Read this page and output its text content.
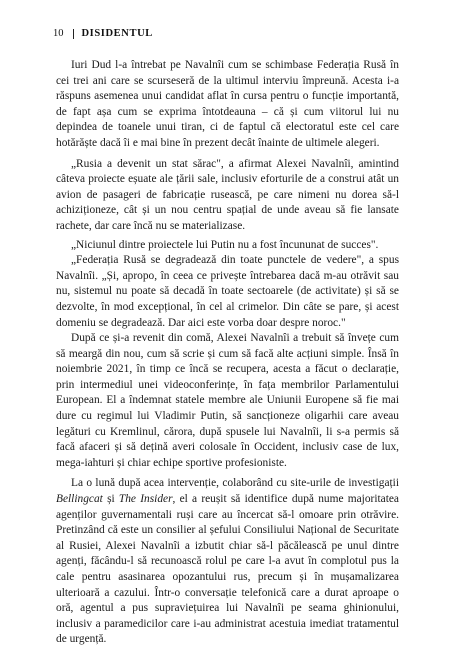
10 DISIDENTUL

Iuri Dud l-a întrebat pe Navalnîi cum se schimbase Federația Rusă în cei trei ani care se scurseseră de la ultimul interviu împreună. Acesta i-a răspuns asemenea unui candidat aflat în cursa pentru o funcție importantă, de fapt așa cum se exprima întotdeauna – că și cum viitorul lui nu depindea de toanele unui tiran, ci de faptul că electoratul este cel care hotărăște dacă îi e mai bine în prezent decât înainte de ultimele alegeri.

„Rusia a devenit un stat sărac", a afirmat Alexei Navalnîi, amintind câteva proiecte eșuate ale țării sale, inclusiv eforturile de a construi atât un avion de pasageri de fabricație rusească, pe care nimeni nu dorea să-l achiziționeze, cât și un nou centru spațial de unde aveau să fie lansate rachete, dar care încă nu se materializase.

„Niciunul dintre proiectele lui Putin nu a fost încununat de succes".

„Federația Rusă se degradează din toate punctele de vedere", a spus Navalnîi. „Și, apropo, în ceea ce privește întrebarea dacă m-au otrăvit sau nu, sistemul nu poate să decadă în toate sectoarele (de activitate) și să se dezvolte, în mod excepțional, în cel al crimelor. Din câte se pare, și acest domeniu se degradează. Dar aici este vorba doar despre noroc."

După ce și-a revenit din comă, Alexei Navalnîi a trebuit să învețe cum să meargă din nou, cum să scrie și cum să facă alte acțiuni simple. Însă în noiembrie 2021, în timp ce încă se recupera, acesta a făcut o declarație, prin intermediul unei videoconferințe, în fața membrilor Parlamentului European. El a îndemnat statele membre ale Uniunii Europene să fie mai dure cu regimul lui Vladimir Putin, să sancționeze oligarhii care aveau legături cu Kremlinul, cărora, după spusele lui Navalnîi, li s-a permis să facă afaceri și să dețină averi colosale în Occident, inclusiv case de lux, mega-iahturi și chiar echipe sportive profesioniste.

La o lună după acea intervenție, colaborând cu site-urile de investigații Bellingcat și The Insider, el a reușit să identifice după nume majoritatea agenților guvernamentali ruși care au încercat să-l omoare prin otrăvire. Pretinzând că este un consilier al șefului Consiliului Național de Securitate al Rusiei, Alexei Navalnîi a izbutit chiar să-l păcălească pe unul dintre agenți, făcându-l să recunoască rolul pe care l-a avut în complotul pus la cale pentru asasinarea opozantului rus, precum și în mușamalizarea ulterioară a cazului. Într-o conversație telefonică care a durat aproape o oră, agentul a pus supraviețuirea lui Navalnîi pe seama ghinionului, inclusiv a paramedicilor care i-au administrat acestuia imediat tratamentul de urgență.
